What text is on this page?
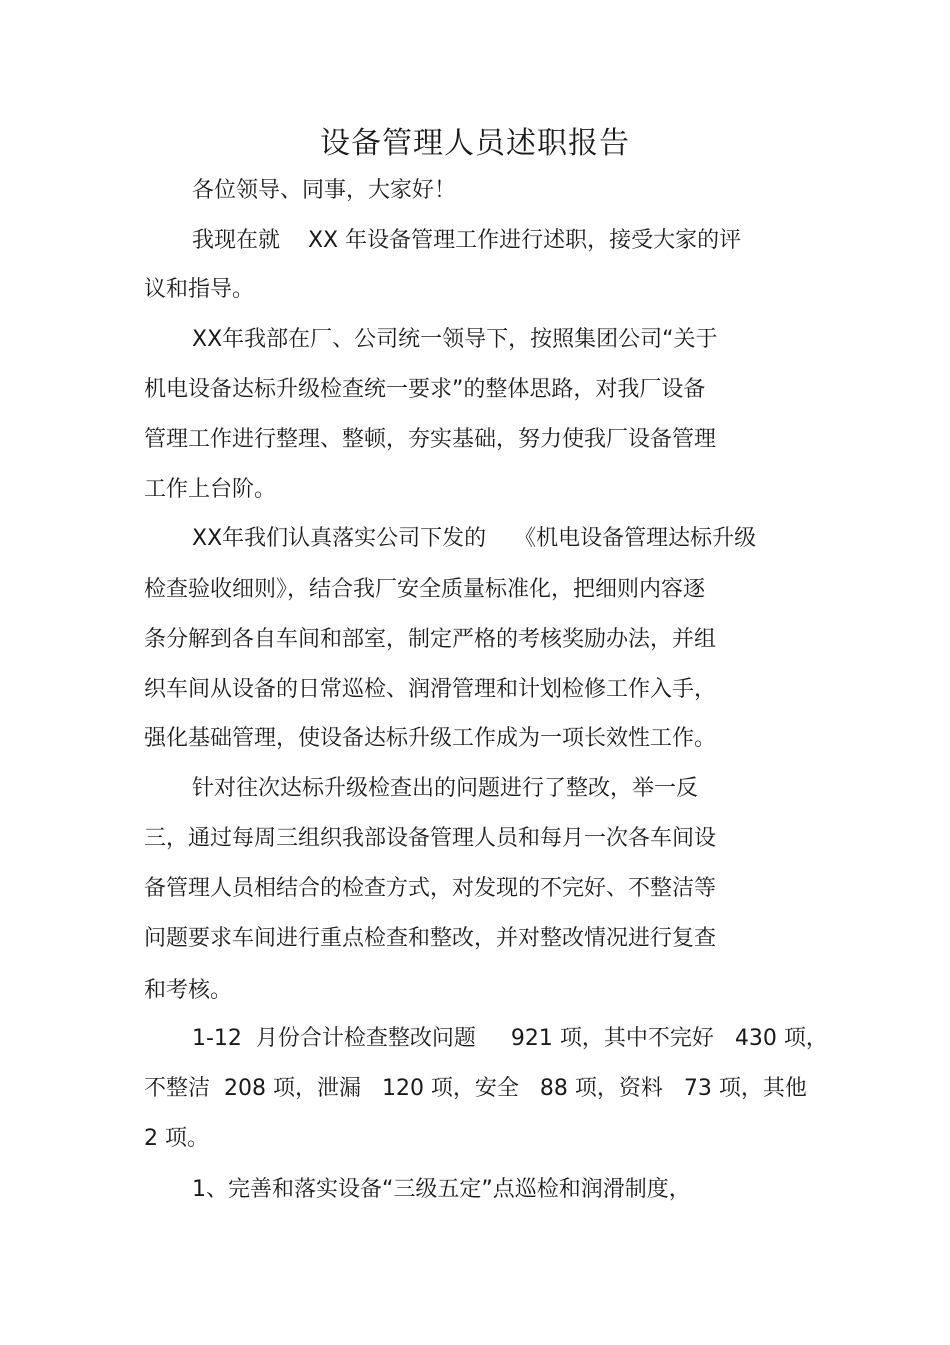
设备管理人员述职报告
各位领导、同事，大家好！
我现在就    XX 年设备管理工作进行述职，接受大家的评
议和指导。
XX年我部在厂、公司统一领导下，按照集团公司“关于
机电设备达标升级检查统一要求”的整体思路，对我厂设备
管理工作进行整理、整顿，夯实基础，努力使我厂设备管理
工作上台阶。
XX年我们认真落实公司下发的    《机电设备管理达标升级
检查验收细则》，结合我厂安全质量标准化，把细则内容逐
条分解到各自车间和部室，制定严格的考核奖励办法，并组
织车间从设备的日常巡检、润滑管理和计划检修工作入手，
强化基础管理，使设备达标升级工作成为一项长效性工作。
针对往次达标升级检查出的问题进行了整改，举一反
三，通过每周三组织我部设备管理人员和每月一次各车间设
备管理人员相结合的检查方式，对发现的不完好、不整洁等
问题要求车间进行重点检查和整改，并对整改情况进行复查
和考核。
1-12  月份合计检查整改问题     921 项，其中不完好   430 项，
不整洁  208 项，泄漏   120 项，安全   88 项，资料   73 项，其他
2 项。
1、完善和落实设备“三级五定”点巡检和润滑制度，
